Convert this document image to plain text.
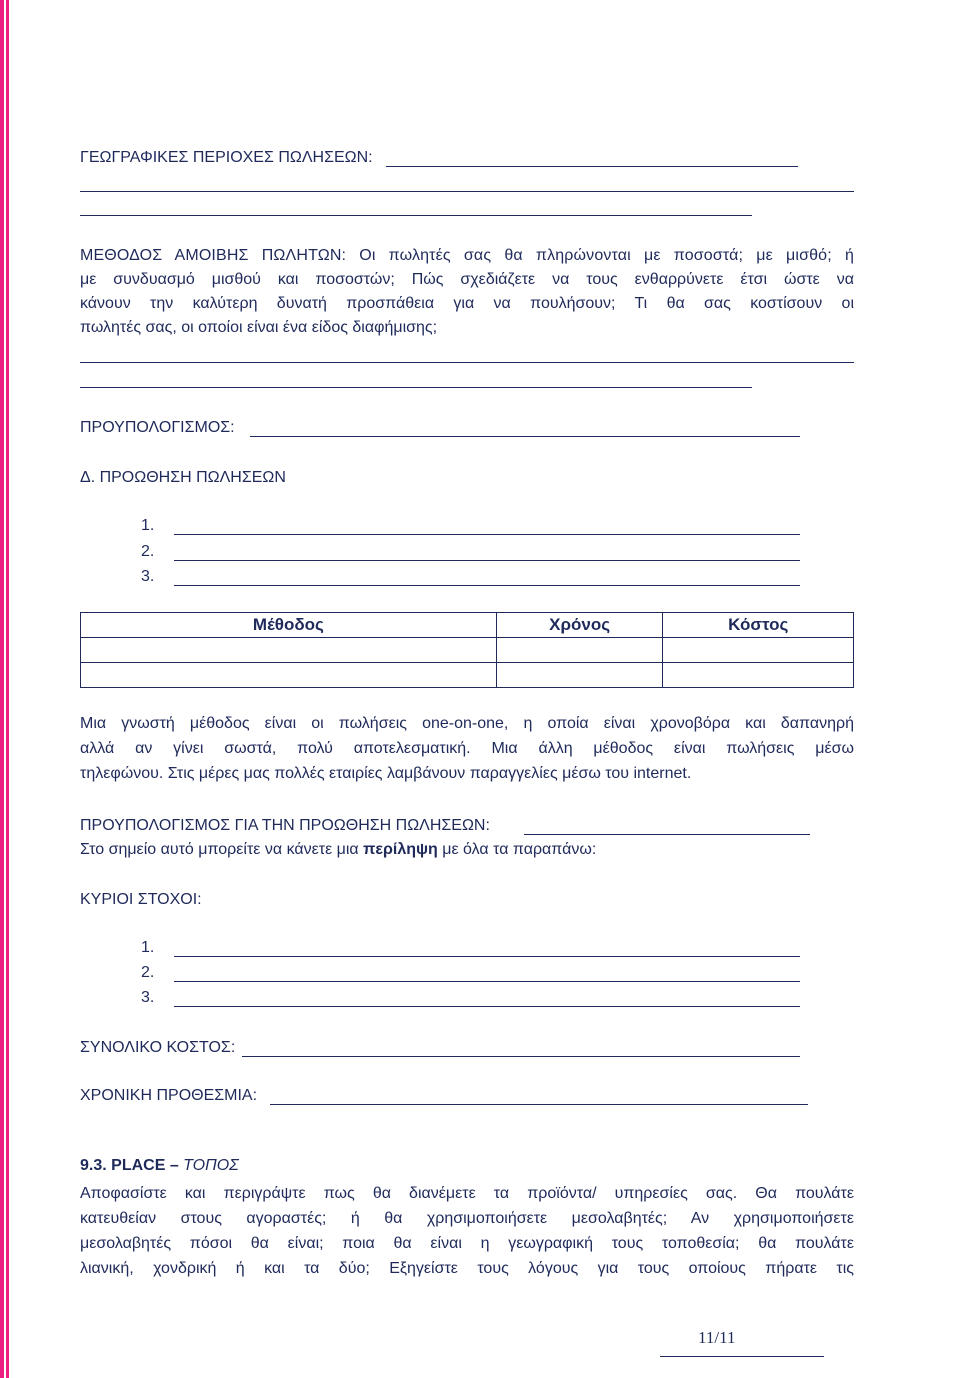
ΓΕΩΓΡΑΦΙΚΕΣ ΠΕΡΙΟΧΕΣ ΠΩΛΗΣΕΩΝ:
ΜΕΘΟΔΟΣ ΑΜΟΙΒΗΣ ΠΩΛΗΤΩΝ: Οι πωλητές σας θα πληρώνονται με ποσοστά; με μισθό; ή
με συνδυασμό μισθού και ποσοστών; Πώς σχεδιάζετε να τους ενθαρρύνετε έτσι ώστε να
κάνουν την καλύτερη δυνατή προσπάθεια για να πουλήσουν; Τι θα σας κοστίσουν οι
πωλητές σας, οι οποίοι είναι ένα είδος διαφήμισης;
ΠΡΟΥΠΟΛΟΓΙΣΜΟΣ:
Δ. ΠΡΟΩΘΗΣΗ ΠΩΛΗΣΕΩΝ
1.
2.
3.
Μέθοδος	Χρόνος	Κόστος

Μια γνωστή μέθοδος είναι οι πωλήσεις one-on-one, η οποία είναι χρονοβόρα και δαπανηρή
αλλά αν γίνει σωστά, πολύ αποτελεσματική. Μια άλλη μέθοδος είναι πωλήσεις μέσω
τηλεφώνου. Στις μέρες μας πολλές εταιρίες λαμβάνουν παραγγελίες μέσω του internet.
ΠΡΟΥΠΟΛΟΓΙΣΜΟΣ ΓΙΑ ΤΗΝ ΠΡΟΩΘΗΣΗ ΠΩΛΗΣΕΩΝ:
Στο σημείο αυτό μπορείτε να κάνετε μια περίληψη με όλα τα παραπάνω:
ΚΥΡΙΟΙ ΣΤΟΧΟΙ:
1.
2.
3.
ΣΥΝΟΛΙΚΟ ΚΟΣΤΟΣ:
ΧΡΟΝΙΚΗ ΠΡΟΘΕΣΜΙΑ:
9.3. PLACE – ΤΟΠΟΣ
Αποφασίστε και περιγράψτε πως θα διανέμετε τα προϊόντα/ υπηρεσίες σας. Θα πουλάτε
κατευθείαν στους αγοραστές; ή θα χρησιμοποιήσετε μεσολαβητές; Αν χρησιμοποιήσετε
μεσολαβητές πόσοι θα είναι; ποια θα είναι η γεωγραφική τους τοποθεσία; θα πουλάτε
λιανική, χονδρική ή και τα δύο; Εξηγείστε τους λόγους για τους οποίους πήρατε τις
11/11
